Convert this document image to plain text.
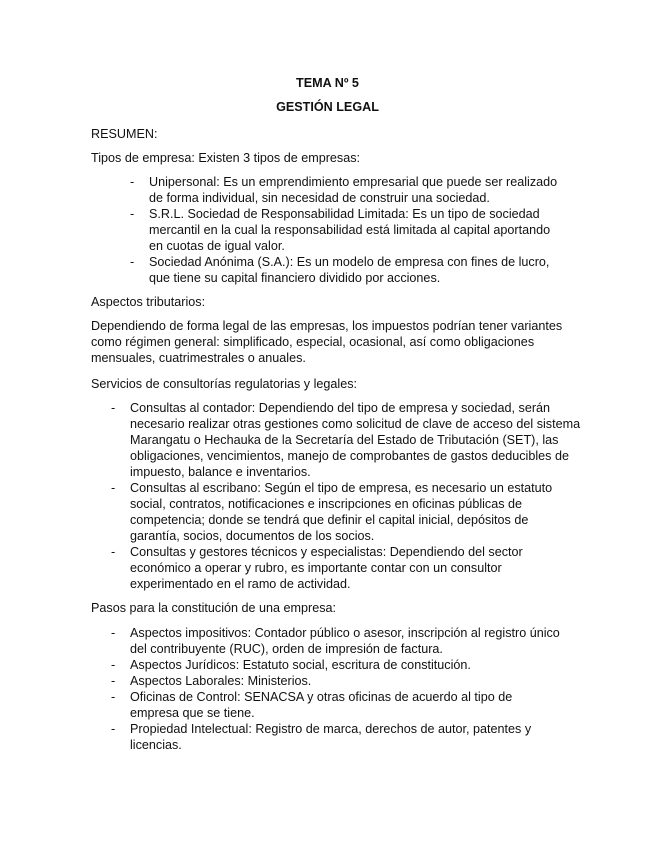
TEMA Nº 5
GESTIÓN LEGAL

RESUMEN:

Tipos de empresa: Existen 3 tipos de empresas:

- Unipersonal: Es un emprendimiento empresarial que puede ser realizado de forma individual, sin necesidad de construir una sociedad.
- S.R.L. Sociedad de Responsabilidad Limitada: Es un tipo de sociedad mercantil en la cual la responsabilidad está limitada al capital aportando en cuotas de igual valor.
- Sociedad Anónima (S.A.): Es un modelo de empresa con fines de lucro, que tiene su capital financiero dividido por acciones.

Aspectos tributarios:

Dependiendo de forma legal de las empresas, los impuestos podrían tener variantes como régimen general: simplificado, especial, ocasional, así como obligaciones mensuales, cuatrimestrales o anuales.

Servicios de consultorías regulatorias y legales:

- Consultas al contador: Dependiendo del tipo de empresa y sociedad, serán necesario realizar otras gestiones como solicitud de clave de acceso del sistema Marangatu o Hechauka de la Secretaría del Estado de Tributación (SET), las obligaciones, vencimientos, manejo de comprobantes de gastos deducibles de impuesto, balance e inventarios.
- Consultas al escribano: Según el tipo de empresa, es necesario un estatuto social, contratos, notificaciones e inscripciones en oficinas públicas de competencia; donde se tendrá que definir el capital inicial, depósitos de garantía, socios, documentos de los socios.
- Consultas y gestores técnicos y especialistas: Dependiendo del sector económico a operar y rubro, es importante contar con un consultor experimentado en el ramo de actividad.

Pasos para la constitución de una empresa:

- Aspectos impositivos: Contador público o asesor, inscripción al registro único del contribuyente (RUC), orden de impresión de factura.
- Aspectos Jurídicos: Estatuto social, escritura de constitución.
- Aspectos Laborales: Ministerios.
- Oficinas de Control: SENACSA y otras oficinas de acuerdo al tipo de empresa que se tiene.
- Propiedad Intelectual: Registro de marca, derechos de autor, patentes y licencias.
